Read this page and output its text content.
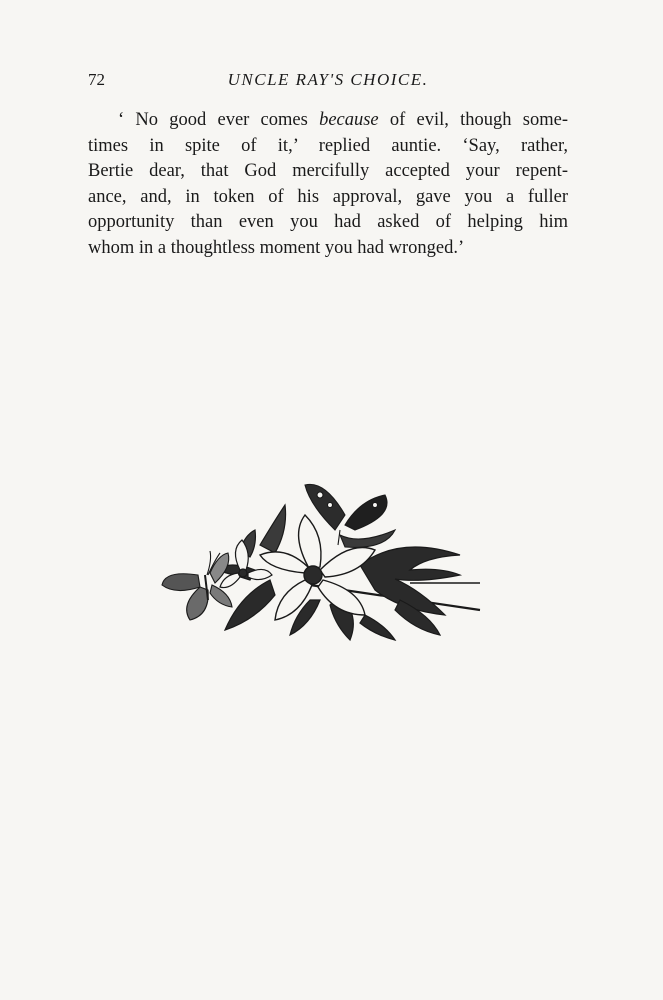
72	UNCLE RAY'S CHOICE.

‘ No good ever comes because of evil, though some-
times in spite of it,’ replied auntie. ‘Say, rather,
Bertie dear, that God mercifully accepted your repent-
ance, and, in token of his approval, gave you a fuller
opportunity than even you had asked of helping him
whom in a thoughtless moment you had wronged.’
